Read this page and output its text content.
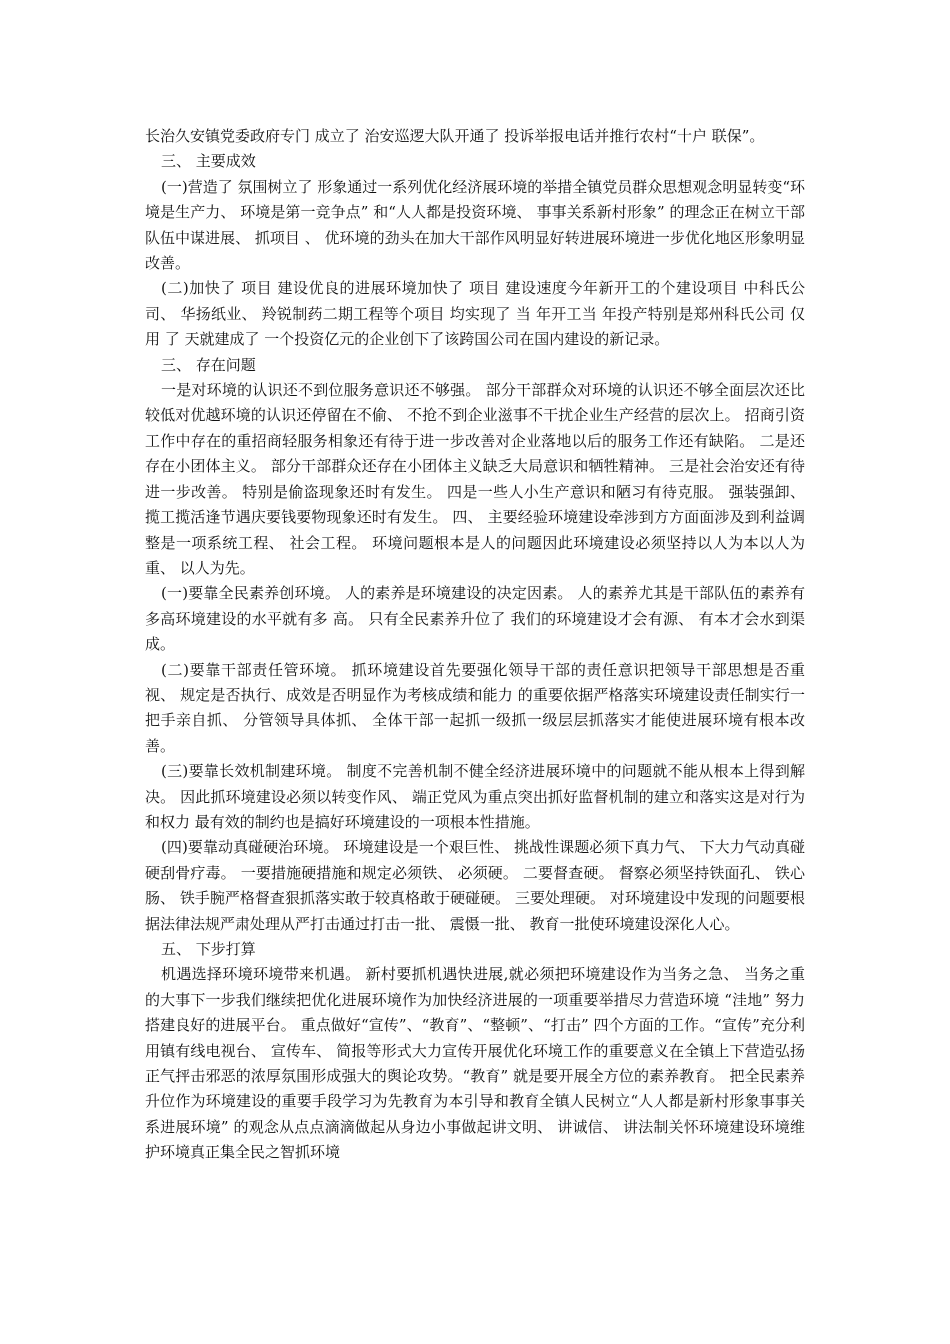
长治久安镇党委政府专门 成立了 治安巡逻大队开通了 投诉举报电话并推行农村“十户 联保”。

三、 主要成效

(一)营造了 氛围树立了 形象通过一系列优化经济展环境的举措全镇党员群众思想观念明显转变“环境是生产力、 环境是第一竞争点” 和“人人都是投资环境、 事事关系新村形象” 的理念正在树立干部队伍中谋进展、 抓项目 、 优环境的劲头在加大干部作风明显好转进展环境进一步优化地区形象明显改善。

(二)加快了 项目 建设优良的进展环境加快了 项目 建设速度今年新开工的个建设项目 中科氏公司、 华扬纸业、 羚锐制药二期工程等个项目 均实现了 当 年开工当 年投产特别是郑州科氏公司 仅用 了 天就建成了 一个投资亿元的企业创下了该跨国公司在国内建设的新记录。

三、 存在问题

一是对环境的认识还不到位服务意识还不够强。 部分干部群众对环境的认识还不够全面层次还比较低对优越环境的认识还停留在不偷、 不抢不到企业滋事不干扰企业生产经营的层次上。 招商引资工作中存在的重招商轻服务相象还有待于进一步改善对企业落地以后的服务工作还有缺陷。 二是还存在小团体主义。 部分干部群众还存在小团体主义缺乏大局意识和牺牲精神。 三是社会治安还有待进一步改善。 特别是偷盗现象还时有发生。 四是一些人小生产意识和陋习有待克服。 强装强卸、 揽工揽活逢节遇庆要钱要物现象还时有发生。 四、 主要经验环境建设牵涉到方方面面涉及到利益调整是一项系统工程、 社会工程。 环境问题根本是人的问题因此环境建设必须坚持以人为本以人为重、 以人为先。

(一)要靠全民素养创环境。 人的素养是环境建设的决定因素。 人的素养尤其是干部队伍的素养有多高环境建设的水平就有多 高。 只有全民素养升位了 我们的环境建设才会有源、 有本才会水到渠成。

(二)要靠干部责任管环境。 抓环境建设首先要强化领导干部的责任意识把领导干部思想是否重视、 规定是否执行、成效是否明显作为考核成绩和能力 的重要依据严格落实环境建设责任制实行一把手亲自抓、 分管领导具体抓、 全体干部一起抓一级抓一级层层抓落实才能使进展环境有根本改善。

(三)要靠长效机制建环境。 制度不完善机制不健全经济进展环境中的问题就不能从根本上得到解决。 因此抓环境建设必须以转变作风、 端正党风为重点突出抓好监督机制的建立和落实这是对行为和权力 最有效的制约也是搞好环境建设的一项根本性措施。

(四)要靠动真碰硬治环境。 环境建设是一个艰巨性、 挑战性课题必须下真力气、 下大力气动真碰硬刮骨疗毒。 一要措施硬措施和规定必须铁、 必须硬。 二要督查硬。 督察必须坚持铁面孔、 铁心肠、 铁手腕严格督查狠抓落实敢于较真格敢于硬碰硬。 三要处理硬。 对环境建设中发现的问题要根据法律法规严肃处理从严打击通过打击一批、 震慑一批、 教育一批使环境建设深化人心。

五、 下步打算

机遇选择环境环境带来机遇。 新村要抓机遇快进展,就必须把环境建设作为当务之急、 当务之重的大事下一步我们继续把优化进展环境作为加快经济进展的一项重要举措尽力营造环境 “洼地” 努力搭建良好的进展平台。 重点做好“宣传”、“教育”、“整顿”、“打击” 四个方面的工作。“宣传”充分利用镇有线电视台、 宣传车、 简报等形式大力宣传开展优化环境工作的重要意义在全镇上下营造弘扬正气抨击邪恶的浓厚氛围形成强大的舆论攻势。“教育” 就是要开展全方位的素养教育。 把全民素养升位作为环境建设的重要手段学习为先教育为本引导和教育全镇人民树立“人人都是新村形象事事关系进展环境” 的观念从点点滴滴做起从身边小事做起讲文明、 讲诚信、 讲法制关怀环境建设环境维护环境真正集全民之智抓环境
